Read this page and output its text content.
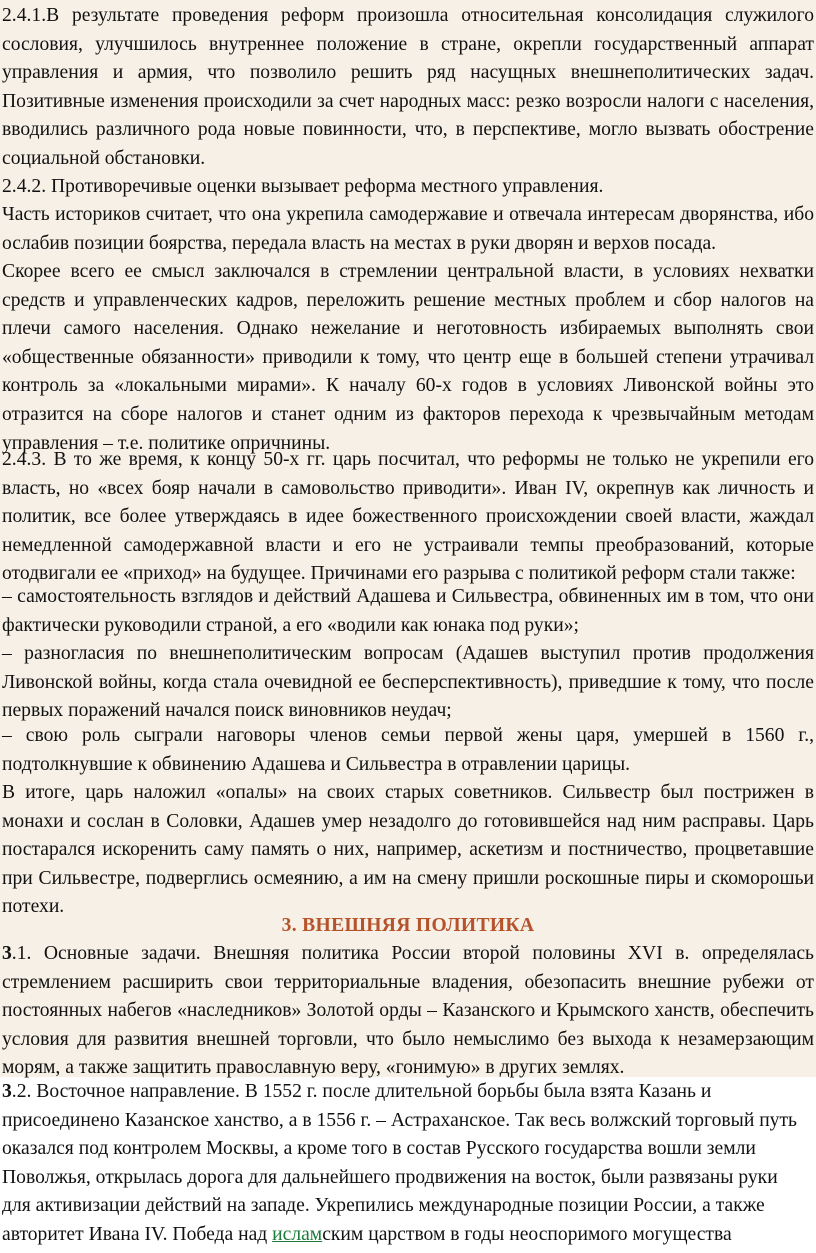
2.4.1.В результате проведения реформ произошла относительная консолидация служилого сословия, улучшилось внутреннее положение в стране, окрепли государственный аппарат управления и армия, что позволило решить ряд насущных внешнеполитических задач. Позитивные изменения происходили за счет народных масс: резко возросли налоги с населения, вводились различного рода новые повинности, что, в перспективе, могло вызвать обострение социальной обстановки.

2.4.2. Противоречивые оценки вызывает реформа местного управления.

Часть историков считает, что она укрепила самодержавие и отвечала интересам дворянства, ибо ослабив позиции боярства, передала власть на местах в руки дворян и верхов посада.

Скорее всего ее смысл заключался в стремлении центральной власти, в условиях нехватки средств и управленческих кадров, переложить решение местных проблем и сбор налогов на плечи самого населения. Однако нежелание и неготовность избираемых выполнять свои «общественные обязанности» приводили к тому, что центр еще в большей степени утрачивал контроль за «локальными мирами». К началу 60-х годов в условиях Ливонской войны это отразится на сборе налогов и станет одним из факторов перехода к чрезвычайным методам управления – т.е. политике опричнины.

2.4.3. В то же время, к концу 50-х гг. царь посчитал, что реформы не только не укрепили его власть, но «всех бояр начали в самовольство приводити». Иван IV, окрепнув как личность и политик, все более утверждаясь в идее божественного происхождении своей власти, жаждал немедленной самодержавной власти и его не устраивали темпы преобразований, которые отодвигали ее «приход» на будущее. Причинами его разрыва с политикой реформ стали также:

– самостоятельность взглядов и действий Адашева и Сильвестра, обвиненных им в том, что они фактически руководили страной, а его «водили как юнака под руки»;

– разногласия по внешнеполитическим вопросам (Адашев выступил против продолжения Ливонской войны, когда стала очевидной ее бесперспективность), приведшие к тому, что после первых поражений начался поиск виновников неудач;

– свою роль сыграли наговоры членов семьи первой жены царя, умершей в 1560 г., подтолкнувшие к обвинению Адашева и Сильвестра в отравлении царицы.

В итоге, царь наложил «опалы» на своих старых советников. Сильвестр был пострижен в монахи и сослан в Соловки, Адашев умер незадолго до готовившейся над ним расправы. Царь постарался искоренить саму память о них, например, аскетизм и постничество, процветавшие при Сильвестре, подверглись осмеянию, а им на смену пришли роскошные пиры и скоморошьи потехи.

3. ВНЕШНЯЯ ПОЛИТИКА

3.1. Основные задачи. Внешняя политика России второй половины XVI в. определялась стремлением расширить свои территориальные владения, обезопасить внешние рубежи от постоянных набегов «наследников» Золотой орды – Казанского и Крымского ханств, обеспечить условия для развития внешней торговли, что было немыслимо без выхода к незамерзающим морям, а также защитить православную веру, «гонимую» в других землях.

3.2. Восточное направление. В 1552 г. после длительной борьбы была взята Казань и присоединено Казанское ханство, а в 1556 г. – Астраханское. Так весь волжский торговый путь оказался под контролем Москвы, а кроме того в состав Русского государства вошли земли Поволжья, открылась дорога для дальнейшего продвижения на восток, были развязаны руки для активизации действий на западе. Укрепились международные позиции России, а также авторитет Ивана IV. Победа над исламским царством в годы неоспоримого могущества
